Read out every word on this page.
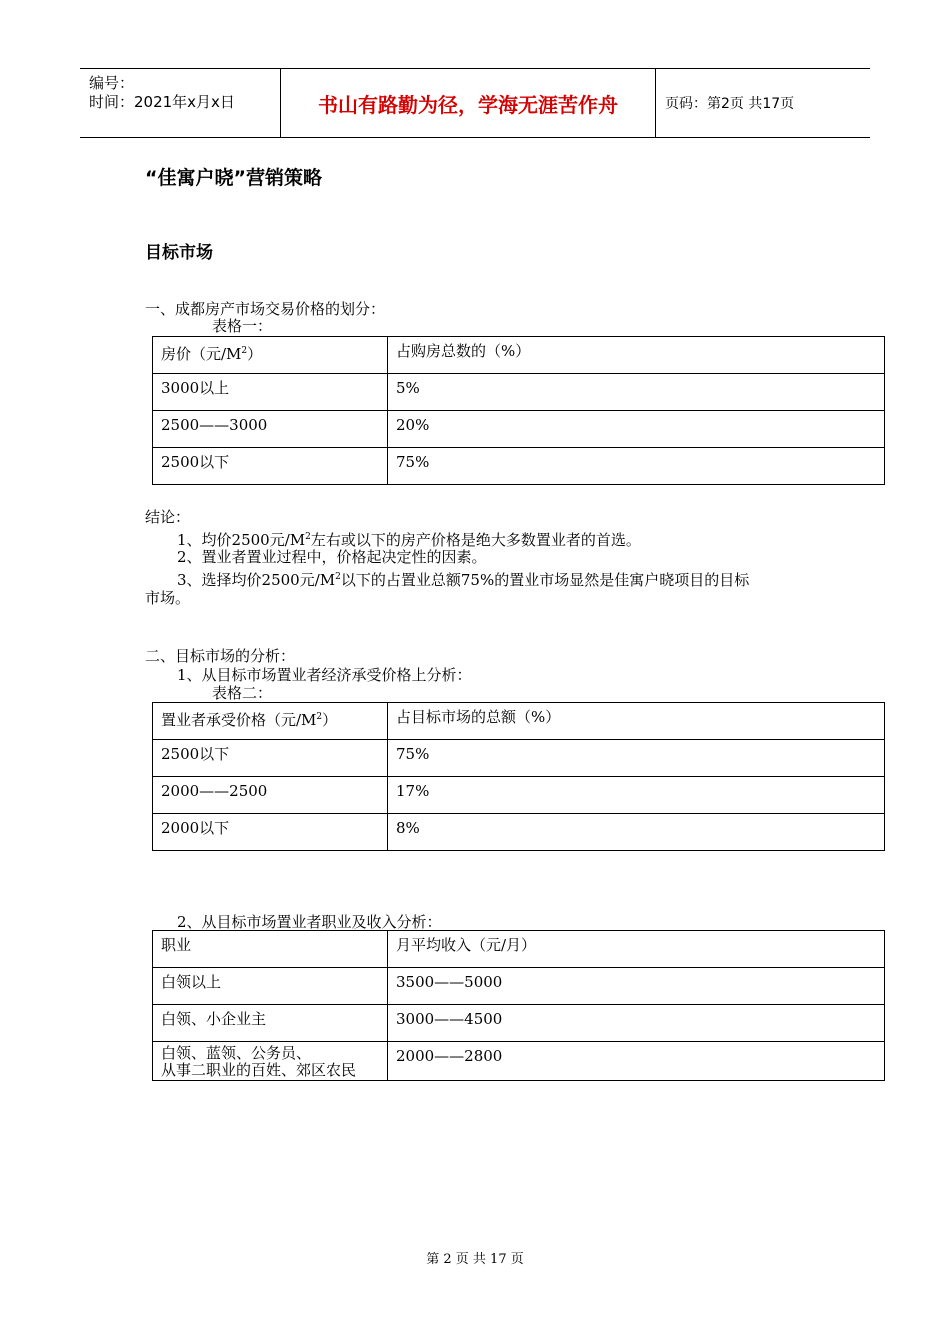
编号：
时间：2021年x月x日	书山有路勤为径，学海无涯苦作舟	页码：第2页 共17页
“佳寓户晓”营销策略
目标市场
一、成都房产市场交易价格的划分：
表格一：
房价（元$/M^2$）	占购房总数的（%）
3000以上	5%
2500——3000	20%
2500以下	75%
结论：
1、均价2500元$/M^2$左右或以下的房产价格是绝大多数置业者的首选。
2、置业者置业过程中，价格起决定性的因素。
3、选择均价2500元$/M^2$以下的占置业总额75%的置业市场显然是佳寓户晓项目的目标
市场。
二、目标市场的分析：
1、从目标市场置业者经济承受价格上分析：
表格二：
置业者承受价格（元$/M^2$）	占目标市场的总额（%）
2500以下	75%
2000——2500	17%
2000以下	8%
2、从目标市场置业者职业及收入分析：
职业	月平均收入（元/月）
白领以上	3500——5000
白领、小企业主	3000——4500

白领、蓝领、公务员、
从事二职业的百姓、郊区农民	2000——2800
第 2 页 共 17 页
